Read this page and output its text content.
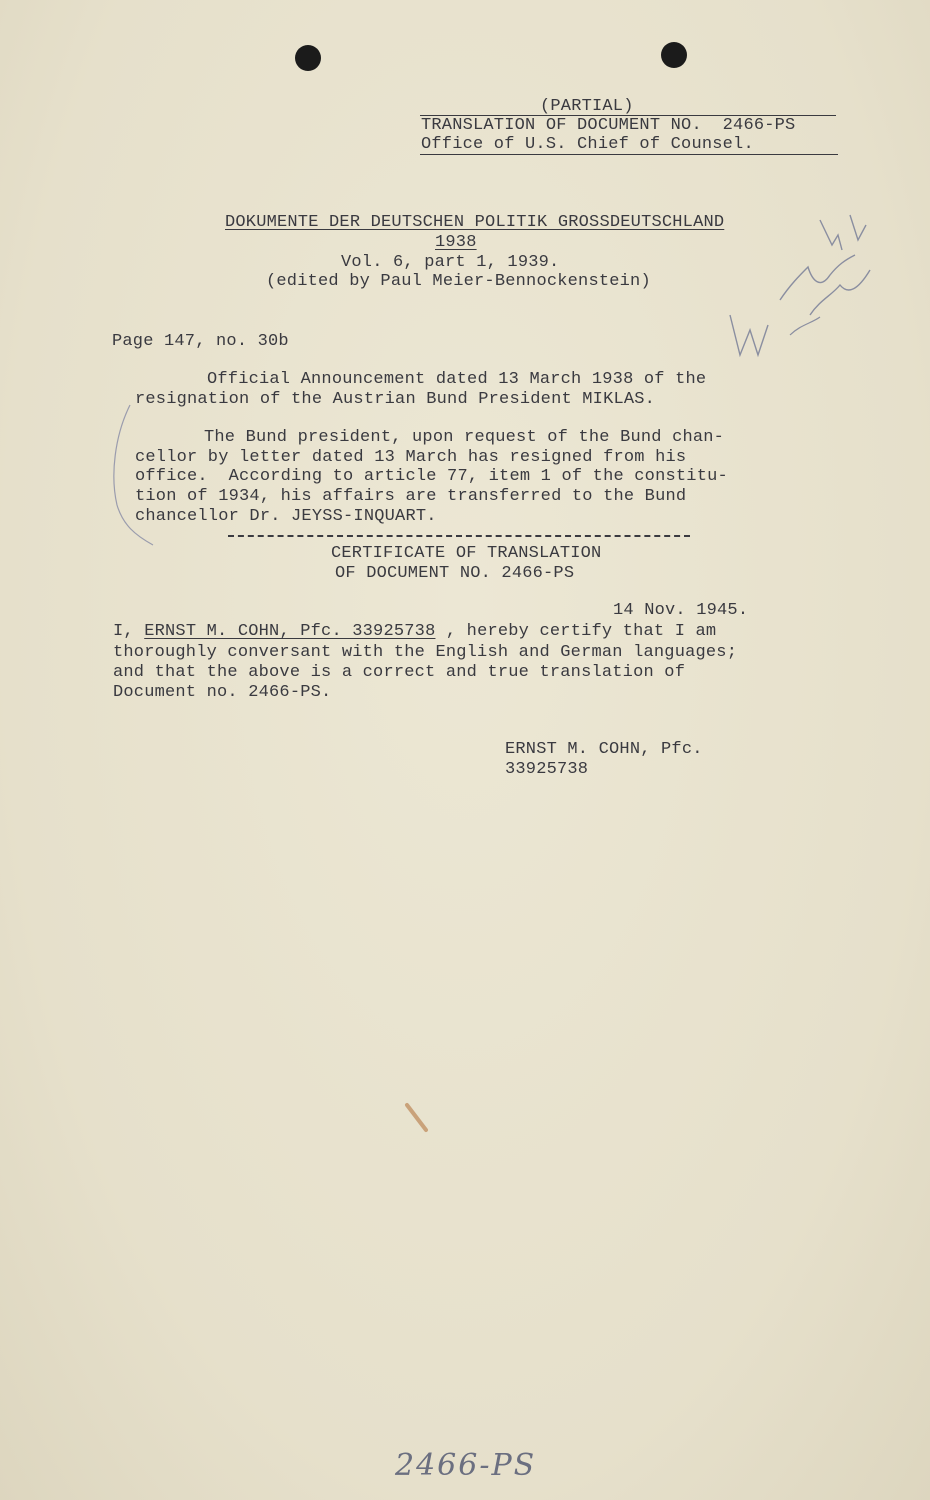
(PARTIAL)
TRANSLATION OF DOCUMENT NO.  2466-PS
Office of U.S. Chief of Counsel.
DOKUMENTE DER DEUTSCHEN POLITIK GROSSDEUTSCHLAND
1938
Vol. 6, part 1, 1939.
(edited by Paul Meier-Bennockenstein)
Page 147, no. 30b
Official Announcement dated 13 March 1938 of the
resignation of the Austrian Bund President MIKLAS.
The Bund president, upon request of the Bund chan-
cellor by letter dated 13 March has resigned from his
office.  According to article 77, item 1 of the constitu-
tion of 1934, his affairs are transferred to the Bund
chancellor Dr. JEYSS-INQUART.
CERTIFICATE OF TRANSLATION
OF DOCUMENT NO. 2466-PS
14 Nov. 1945.
I, ERNST M. COHN, Pfc. 33925738 , hereby certify that I am
thoroughly conversant with the English and German languages;
and that the above is a correct and true translation of
Document no. 2466-PS.
ERNST M. COHN, Pfc.
33925738
2466-PS
